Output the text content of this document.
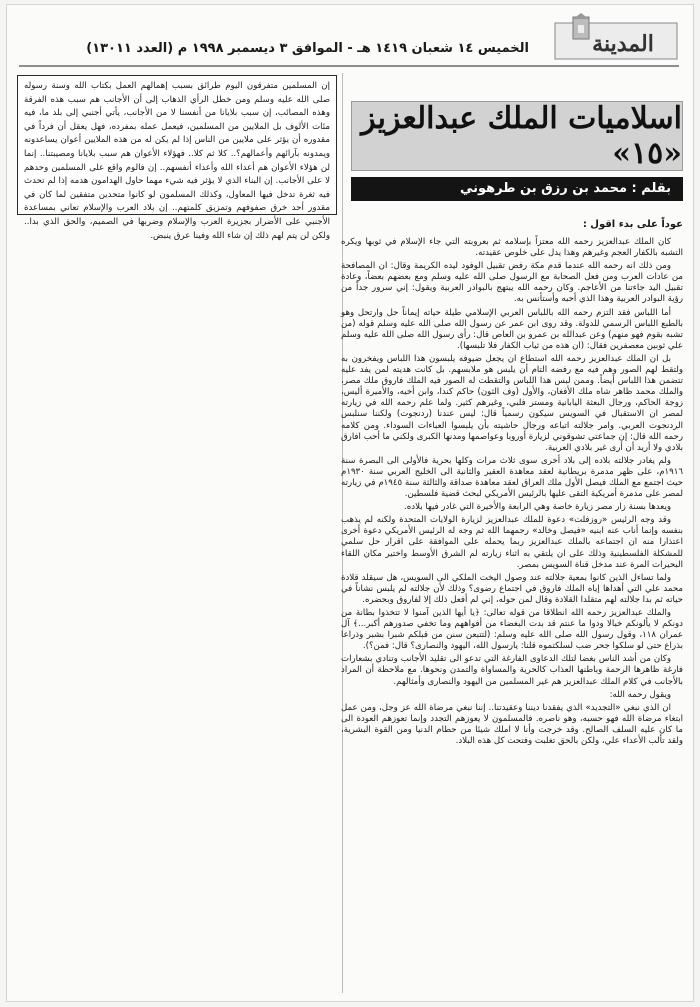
المدينة
الخميس ١٤ شعبان ١٤١٩ هـ - الموافق ٣ ديسمبر ١٩٩٨ م (العدد ١٣٠١١)
إن المسلمين متفرقون اليوم طرائق بسبب إهمالهم العمل بكتاب الله وسنة رسوله صلى الله عليه وسلم ومن خطل الرأي الذهاب إلى أن الأجانب هم سبب هذه الفرقة وهذه المصائب، إن سبب بلايانا من أنفسنا لا من الأجانب، يأتي أجنبي إلى بلد ما، فيه مئات الألوف بل الملايين من المسلمين، فيعمل عمله بمفرده، فهل يعقل أن فرداً في مقدوره أن يؤثر على ملايين من الناس إذا لم يكن له من هذه الملايين أعوان يساعدونه ويمدونه بآرائهم وأعمالهم؟.. كلا ثم كلا.. فهؤلاء الأعوان هم سبب بلايانا ومصيبتنا.. إنما لن هؤلاء الأعوان هم أعداء الله وأعداء أنفسهم.. إن فالوم واقع على المسلمين وحدهم لا على الأجانب. إن البناء الذي لا يؤثر فيه شيء مهما حاول الهدامون هدمه إذا لم تحدث فيه ثغرة تدخل فيها المعاول، وكذلك المسلمون لو كانوا متحدين متفقين لما كان في مقدور أحد خرق صفوفهم وتمزيق كلمتهم.. إن بلاد العرب والإسلام تعاني بمساعدة الأجنبي على الأضرار بجزيرة العرب والإسلام وضربها في الصميم، والحق الذي بدا.. ولكن لن يتم لهم ذلك إن شاء الله وفينا عرق ينبض.
اسلاميات الملك عبدالعزيز «١٥»
بقلم : محمد بن رزق بن طرهوني
عوداً على بدء اقول :

كان الملك عبدالعزيز رحمه الله معتزاً بإسلامه ثم بعروبته التي جاء الإسلام في ثوبها ويكره التشبه بالكفار العجم وغيرهم وهذا يدل على خلوص عقيدته.

ومن ذلك انه رحمه الله عندما قدم مكة رفض تقبيل الوفود ليده الكريمة وقال: ان المصافحة من عادات العرب ومن فعل الصحابة مع الرسول صلى الله عليه وسلم ومع بعضهم بعضاً، وعادة تقبيل اليد جاءتنا من الأعاجم. وكان رحمه الله يبتهج بالبوادر العربية ويقول: إني سرور جداً من رؤية البوادر العربية وهذا الذي أحبه وأستأنس به.

أما اللباس فقد التزم رحمه الله باللباس العربي الإسلامي طيلة حياته إيماناً حل وارتحل وهو بالطبع اللباس الرسمي للدولة. وقد روى ابن عمر عن رسول الله صلى الله عليه وسلم قوله (من تشبه بقوم فهو منهم) وعن عبدالله بن عمرو بن العاص قال: رأى رسول الله صلى الله عليه وسلم علي ثوبين معصفرين فقال: (ان هذه من ثياب الكفار فلا تلبسها).

بل ان الملك عبدالعزيز رحمه الله استطاع ان يجعل ضيوفه يلبسون هذا اللباس ويفخرون به ولتقط لهم الصور وهم فيه مع رفضه التام أن يلبس هو ملابسهم. بل كانت هديته لمن يفد عليه تتضمن هذا اللباس أيضاً. وممن لبس هذا اللباس والتقطت له الصور فيه الملك فاروق ملك مصر، والملك محمد ظاهر شاه ملك الأفغان، والأول (وف الثون) حاكم كندا، وابن أخيه، والأميرة أليس، زوجة الحاكم، ورجال البعثة اليابانية ومستر فلبي، وغيرهم كثير. ولما علم رحمه الله في زيارته لمصر ان الاستقبال في السويس سيكون رسمياً قال: ليس عندنا (ردنجوت) ولكننا سنلبس الردنجوت العربي. وامر جلالته اتباعه ورجال حاشيته بأن يلبسوا العباءات السوداء. ومن كلامه رحمه الله قال: إن جماعتي تشوقوني لزيارة أوروبا وعواصمها ومدنها الكبرى ولكني ما أحب افارق بلادي ولا أريد أن أرى غير بلادي العربية.

ولم يغادر جلالته بلاده إلى بلاد أخرى سوى ثلاث مرات وكلها بحرية فالأولى الى البصرة سنة ١٩١٦م، على ظهر مدمرة بريطانية لعقد معاهدة العقير والثانية الى الخليج العربي سنة ١٩٣٠م حيث اجتمع مع الملك فيصل الأول ملك العراق لعقد معاهدة صداقة والثالثة سنة ١٩٤٥م في زيارته لمصر على مدمرة أمريكية التقى عليها بالرئيس الأمريكي لبحث قضية فلسطين.

ويعدها بسنة زار مصر زيارة خاصة وهي الرابعة والأخيرة التي غادر فيها بلاده.

وقد وجه الرئيس «روزفلت» دعوة للملك عبدالعزيز لزيارة الولايات المتحدة ولكنه لم يذهب بنفسه وإنما أناب عنه ابنيه «فيصل وخالد» رحمهما الله ثم وجه له الرئيس الأمريكي دعوة أخرى اعتذارا منه ان اجتماعه بالملك عبدالعزيز ربما يحمله على الموافقة على اقرار حل سلمي للمشكلة الفلسطينية وذلك على ان يلتقي به اثناء زيارته لم الشرق الأوسط واختير مكان اللقاء البحيرات المرة عند مدخل قناة السويس بمصر.

ولما تساءل الذين كانوا بمعية جلالته عند وصول اليخت الملكي الى السويس، هل سيقلد قلادة محمد علي التي أهداها إياه الملك فاروق في اجتماع رضوى؟ وذلك لأن جلالته لم يلبس نشاناً في حياته ثم بدا جلالته لهم متقلدا القلادة وقال لمن حوله، إني لم أفعل ذلك إلا لفاروق وبحضره.

والملك عبدالعزيز رحمه الله انطلاقا من قوله تعالى: ﴿يا أيها الذين آمنوا لا تتخذوا بطانة من دونكم لا يألونكم خبالا ودوا ما عنتم قد بدت البغضاء من أفواههم وما تخفي صدورهم أكبر...﴾ آل عمران ١١٨، وقول رسول الله صلى الله عليه وسلم: (لتتبعن سنن من قبلكم شبرا بشبر وذراعا بذراع حتى لو سلكوا جحر ضب لسلكتموه قلنا: يارسول الله، اليهود والنصارى؟ قال: فمن؟).

وكان من أشد الناس بغضا لتلك الدعاوى الفارغة التي تدعو الى تقليد الأجانب وتنادي بشعارات فارغة ظاهرها الرحمة وباطنها العذاب كالحرية والمساواة والتمدن ونحوها. مع ملاحظة أن المراد بالأجانب في كلام الملك عبدالعزيز هم غير المسلمين من اليهود والنصارى وأمثالهم.

ويقول رحمه الله:

ان الذي نبغي «التجديد» الذي يفقدنا ديننا وعقيدتنا.. إننا نبغي مرضاة الله عز وجل، ومن عمل ابتغاء مرضاة الله فهو حسبه، وهو ناصره. فالمسلمون لا يعوزهم التجدد وإنما تعوزهم العودة الى ما كان عليه السلف الصالح. وقد خرجت وأنا لا املك شيئا من حطام الدنيا ومن القوة البشرية، ولقد تألب الأعداء علي، ولكن بالحق تغلبت وفتحت كل هذه البلاد.
